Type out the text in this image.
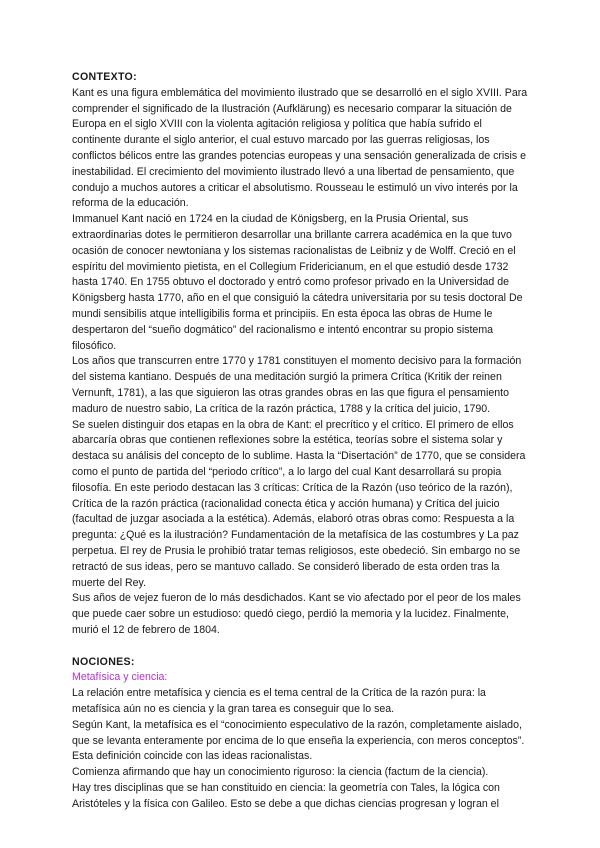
CONTEXTO:

Kant es una figura emblemática del movimiento ilustrado que se desarrolló en el siglo XVIII. Para comprender el significado de la Ilustración (Aufklärung) es necesario comparar la situación de Europa en el siglo XVIII con la violenta agitación religiosa y política que había sufrido el continente durante el siglo anterior, el cual estuvo marcado por las guerras religiosas, los conflictos bélicos entre las grandes potencias europeas y una sensación generalizada de crisis e inestabilidad. El crecimiento del movimiento ilustrado llevó a una libertad de pensamiento, que condujo a muchos autores a criticar el absolutismo. Rousseau le estimuló un vivo interés por la reforma de la educación.

Immanuel Kant nació en 1724 en la ciudad de Königsberg, en la Prusia Oriental, sus extraordinarias dotes le permitieron desarrollar una brillante carrera académica en la que tuvo ocasión de conocer newtoniana y los sistemas racionalistas de Leibniz y de Wolff. Creció en el espíritu del movimiento pietista, en el Collegium Fridericianum, en el que estudió desde 1732 hasta 1740. En 1755 obtuvo el doctorado y entró como profesor privado en la Universidad de Königsberg hasta 1770, año en el que consiguió la cátedra universitaria por su tesis doctoral De mundi sensibilis atque intelligibilis forma et principiis. En esta época las obras de Hume le despertaron del “sueño dogmático” del racionalismo e intentó encontrar su propio sistema filosófico.

Los años que transcurren entre 1770 y 1781 constituyen el momento decisivo para la formación del sistema kantiano. Después de una meditación surgió la primera Crítica (Kritik der reinen Vernunft, 1781), a las que siguieron las otras grandes obras en las que figura el pensamiento maduro de nuestro sabio, La crítica de la razón práctica, 1788 y la crítica del juicio, 1790.

Se suelen distinguir dos etapas en la obra de Kant: el precrítico y el crítico. El primero de ellos abarcaría obras que contienen reflexiones sobre la estética, teorías sobre el sistema solar y destaca su análisis del concepto de lo sublime. Hasta la “Disertación” de 1770, que se considera como el punto de partida del “periodo crítico”, a lo largo del cual Kant desarrollará su propia filosofía. En este periodo destacan las 3 críticas: Crítica de la Razón (uso teórico de la razón), Crítica de la razón práctica (racionalidad conecta ética y acción humana) y Crítica del juicio (facultad de juzgar asociada a la estética). Además, elaboró otras obras como: Respuesta a la pregunta: ¿Qué es la ilustración? Fundamentación de la metafísica de las costumbres y La paz perpetua. El rey de Prusia le prohibió tratar temas religiosos, este obedeció. Sin embargo no se retractó de sus ideas, pero se mantuvo callado. Se consideró liberado de esta orden tras la muerte del Rey.

Sus años de vejez fueron de lo más desdichados. Kant se vio afectado por el peor de los males que puede caer sobre un estudioso: quedó ciego, perdió la memoria y la lucidez. Finalmente, murió el 12 de febrero de 1804.

NOCIONES:

Metafísica y ciencia:

La relación entre metafísica y ciencia es el tema central de la Crítica de la razón pura: la metafísica aún no es ciencia y la gran tarea es conseguir que lo sea.

Según Kant, la metafísica es el “conocimiento especulativo de la razón, completamente aislado, que se levanta enteramente por encima de lo que enseña la experiencia, con meros conceptos”. Esta definición coincide con las ideas racionalistas.

Comienza afirmando que hay un conocimiento riguroso: la ciencia (factum de la ciencia).

Hay tres disciplinas que se han constituido en ciencia: la geometría con Tales, la lógica con Aristóteles y la física con Galileo. Esto se debe a que dichas ciencias progresan y logran el
